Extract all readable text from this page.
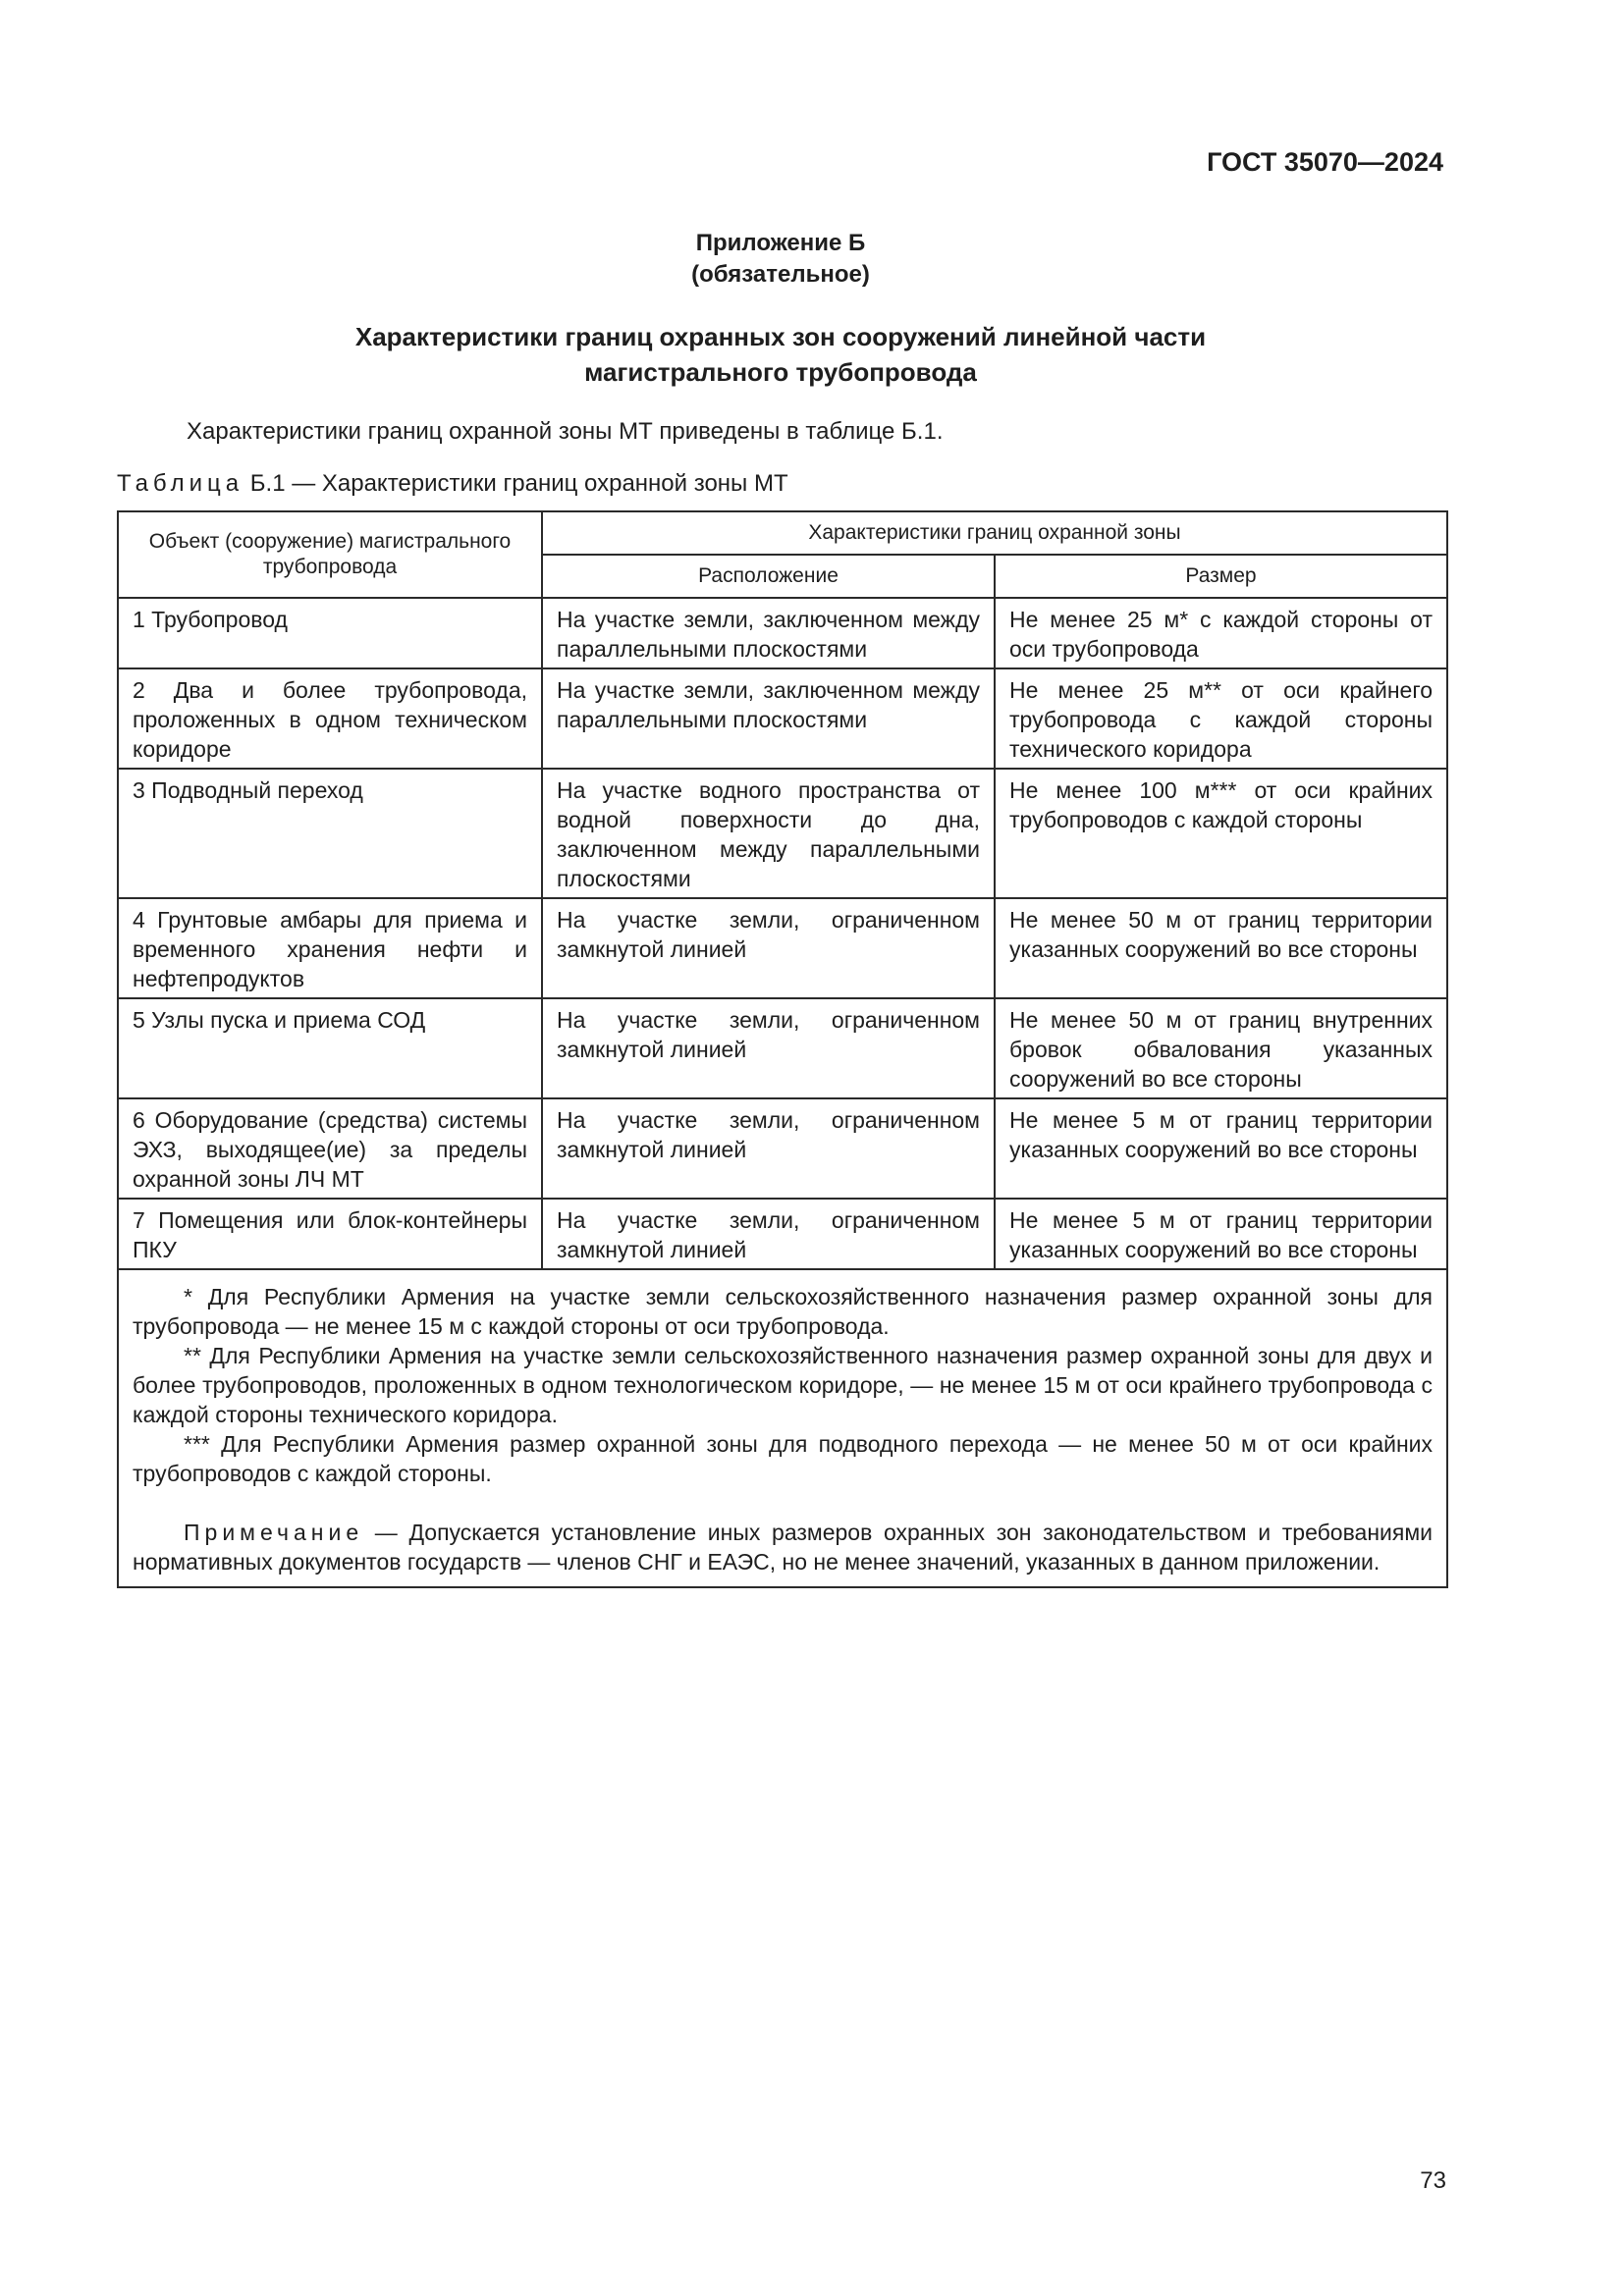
ГОСТ 35070—2024
Приложение Б
(обязательное)
Характеристики границ охранных зон сооружений линейной части
магистрального трубопровода
Характеристики границ охранной зоны МТ приведены в таблице Б.1.
Таблица Б.1 — Характеристики границ охранной зоны МТ
Объект (сооружение) магистрального трубопровода	Характеристики границ охранной зоны	
	Расположение	Размер
1 Трубопровод	На участке земли, заключенном между параллельными плоскостями	Не менее 25 м* с каждой стороны от оси трубопровода
2 Два и более трубопровода, проложенных в одном техническом коридоре	На участке земли, заключенном между параллельными плоскостями	Не менее 25 м** от оси крайнего трубопровода с каждой стороны технического коридора
3 Подводный переход	На участке водного пространства от водной поверхности до дна, заключенном между параллельными плоскостями	Не менее 100 м*** от оси крайних трубопроводов с каждой стороны
4 Грунтовые амбары для приема и временного хранения нефти и нефтепродуктов	На участке земли, ограниченном замкнутой линией	Не менее 50 м от границ территории указанных сооружений во все стороны
5 Узлы пуска и приема СОД	На участке земли, ограниченном замкнутой линией	Не менее 50 м от границ внутренних бровок обвалования указанных сооружений во все стороны
6 Оборудование (средства) системы ЭХЗ, выходящее(ие) за пределы охранной зоны ЛЧ МТ	На участке земли, ограниченном замкнутой линией	Не менее 5 м от границ территории указанных сооружений во все стороны
7 Помещения или блок-контейнеры ПКУ	На участке земли, ограниченном замкнутой линией	Не менее 5 м от границ территории указанных сооружений во все стороны

* Для Республики Армения на участке земли сельскохозяйственного назначения размер охранной зоны для трубопровода — не менее 15 м с каждой стороны от оси трубопровода.

** Для Республики Армения на участке земли сельскохозяйственного назначения размер охранной зоны для двух и более трубопроводов, проложенных в одном технологическом коридоре, — не менее 15 м от оси крайнего трубопровода с каждой стороны технического коридора.

*** Для Республики Армения размер охранной зоны для подводного перехода — не менее 50 м от оси крайних трубопроводов с каждой стороны.

Примечание — Допускается установление иных размеров охранных зон законодательством и требованиями нормативных документов государств — членов СНГ и ЕАЭС, но не менее значений, указанных в данном приложении.		

73
